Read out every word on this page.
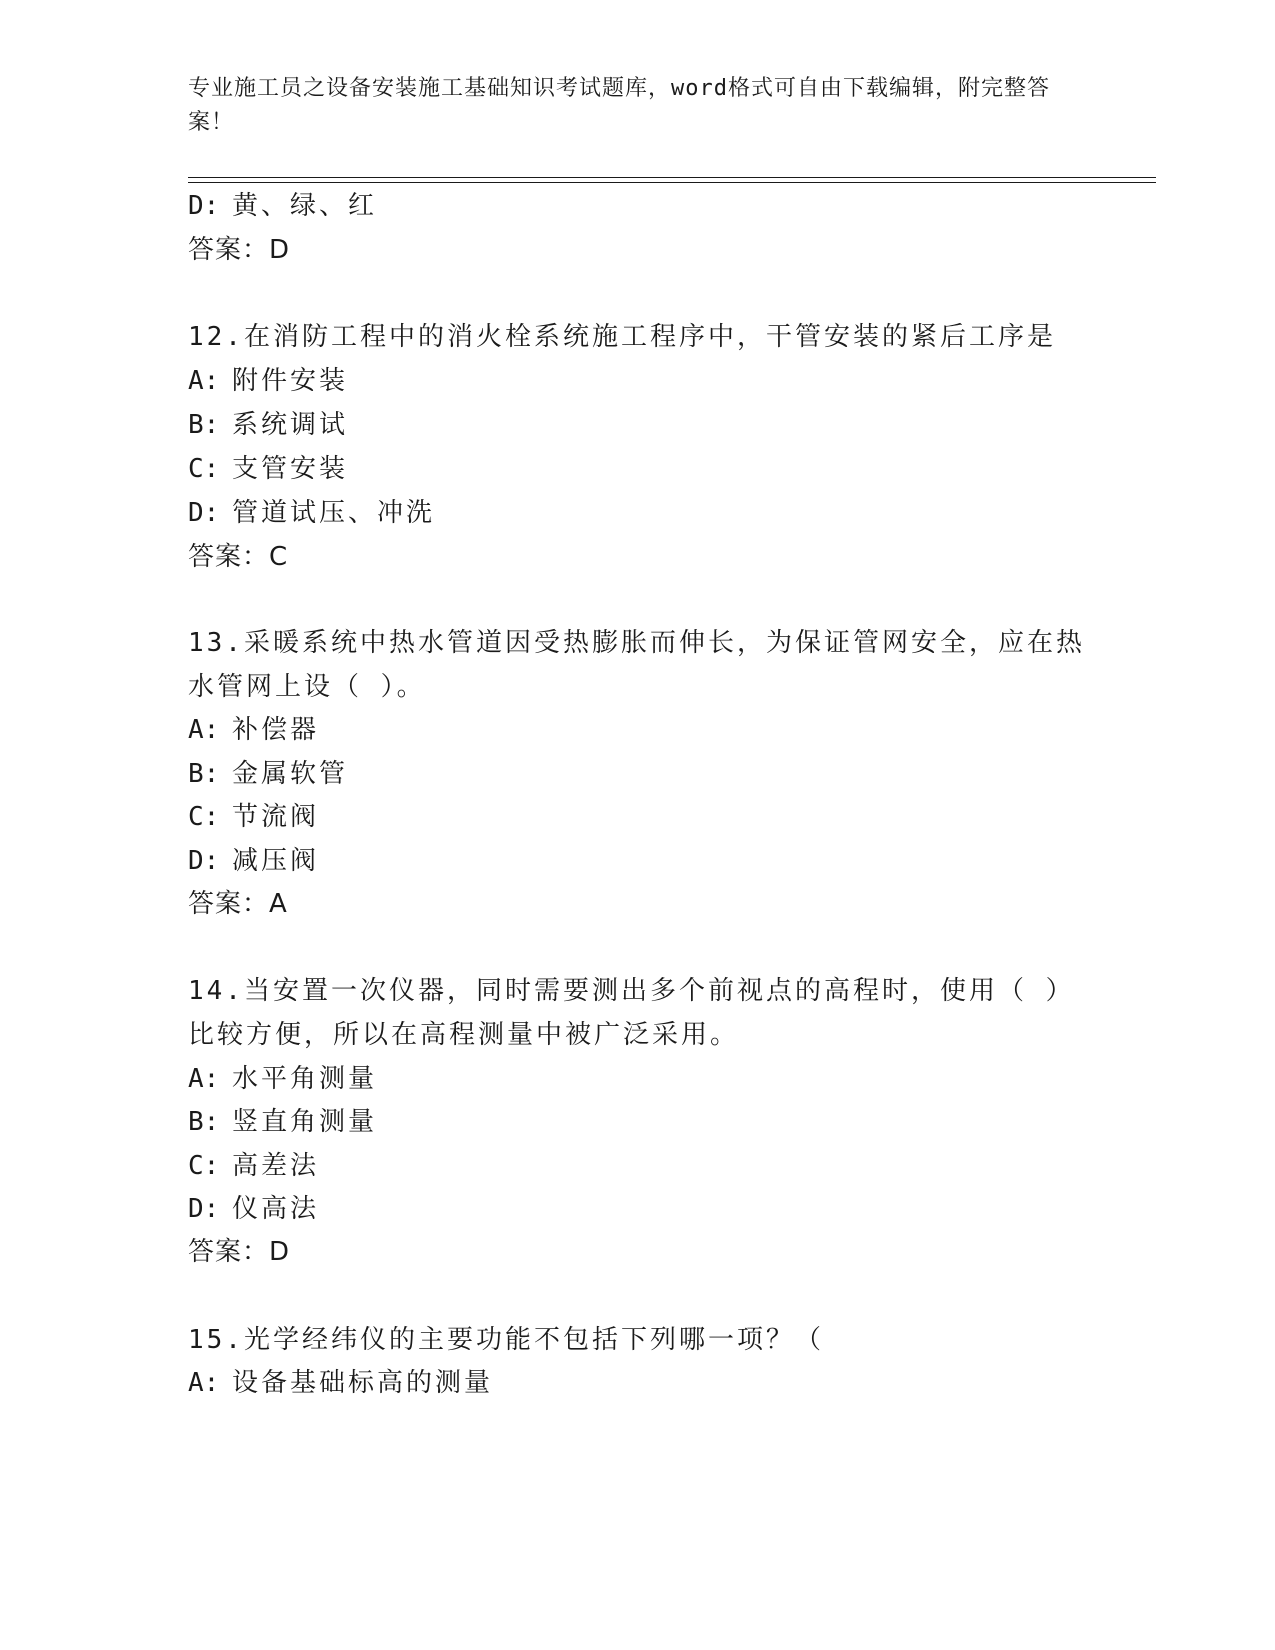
专业施工员之设备安装施工基础知识考试题库，word格式可自由下载编辑，附完整答案！
D: 黄、绿、红
答案：D
12.在消防工程中的消火栓系统施工程序中，干管安装的紧后工序是
A: 附件安装
B: 系统调试
C: 支管安装
D: 管道试压、冲洗
答案：C
13.采暖系统中热水管道因受热膨胀而伸长，为保证管网安全，应在热
水管网上设（ ）。
A: 补偿器
B: 金属软管
C: 节流阀
D: 减压阀
答案：A
14.当安置一次仪器，同时需要测出多个前视点的高程时，使用（ ）
比较方便，所以在高程测量中被广泛采用。
A: 水平角测量
B: 竖直角测量
C: 高差法
D: 仪高法
答案：D
15.光学经纬仪的主要功能不包括下列哪一项？（
A: 设备基础标高的测量
